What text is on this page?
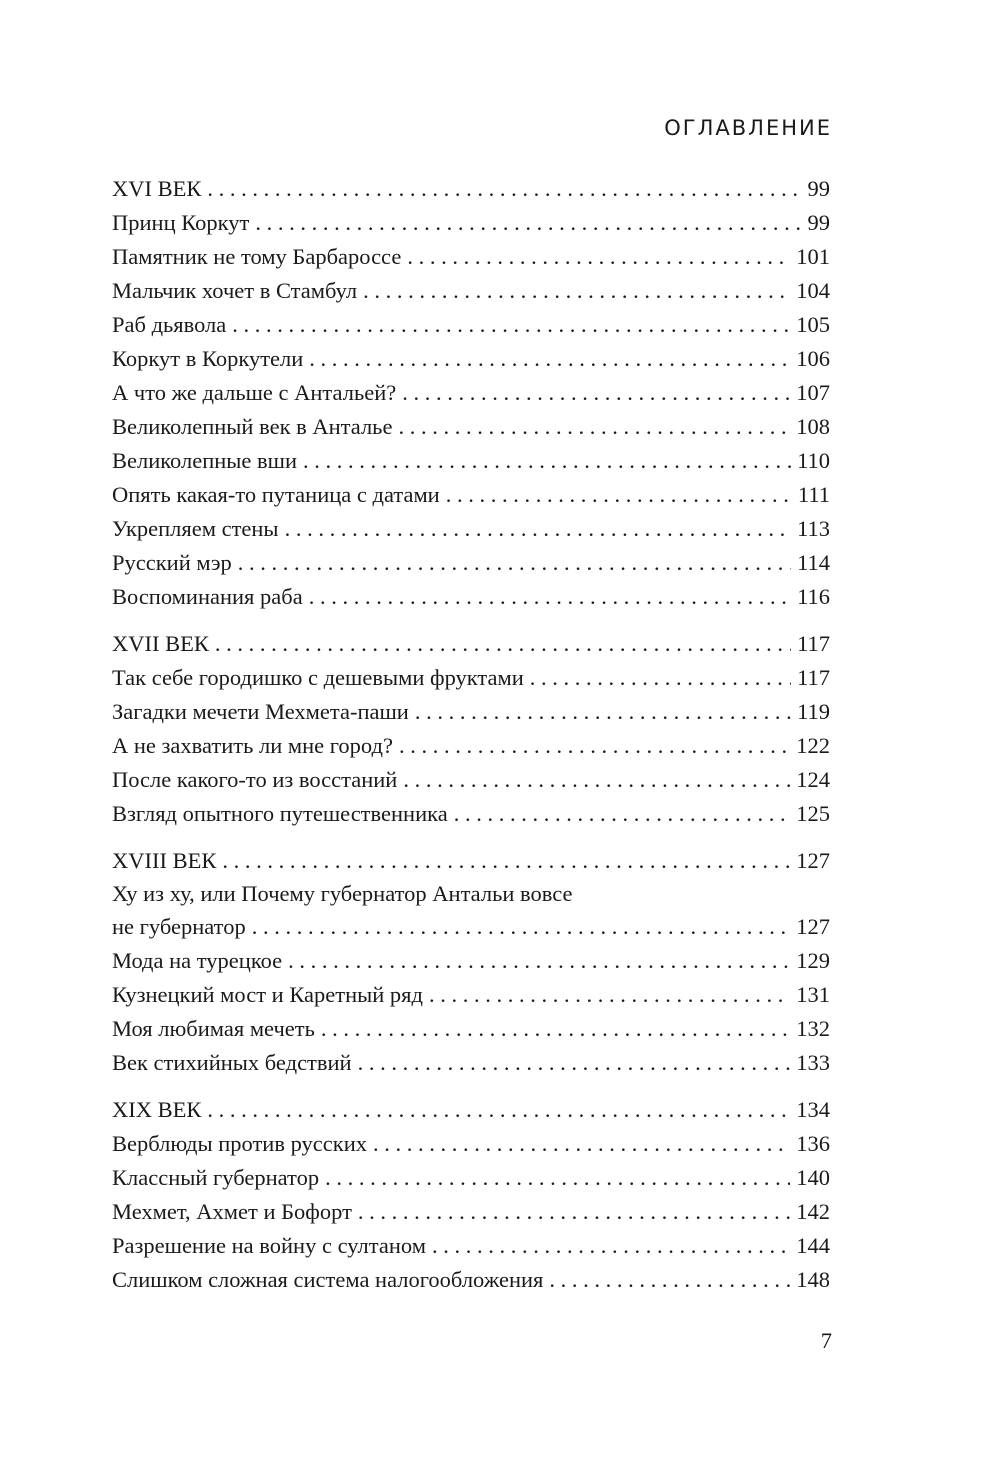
ОГЛАВЛЕНИЕ
XVI ВЕК . . .	99
Принц Коркут . . .	99
Памятник не тому Барбароссе . . .	101
Мальчик хочет в Стамбул . . .	104
Раб дьявола . . .	105
Коркут в Коркутели . . .	106
А что же дальше с Антальей? . . .	107
Великолепный век в Анталье . . .	108
Великолепные вши . . .	110
Опять какая-то путаница с датами . . .	111
Укрепляем стены . . .	113
Русский мэр . . .	114
Воспоминания раба . . .	116
XVII ВЕК . . .	117
Так себе городишко с дешевыми фруктами . . .	117
Загадки мечети Мехмета-паши . . .	119
А не захватить ли мне город? . . .	122
После какого-то из восстаний . . .	124
Взгляд опытного путешественника . . .	125
XVIII ВЕК . . .	127
Ху из ху, или Почему губернатор Антальи вовсе
не губернатор . . .	127
Мода на турецкое . . .	129
Кузнецкий мост и Каретный ряд . . .	131
Моя любимая мечеть . . .	132
Век стихийных бедствий . . .	133
XIX ВЕК . . .	134
Верблюды против русских . . .	136
Классный губернатор . . .	140
Мехмет, Ахмет и Бофорт . . .	142
Разрешение на войну с султаном . . .	144
Слишком сложная система налогообложения . . .	148
7
